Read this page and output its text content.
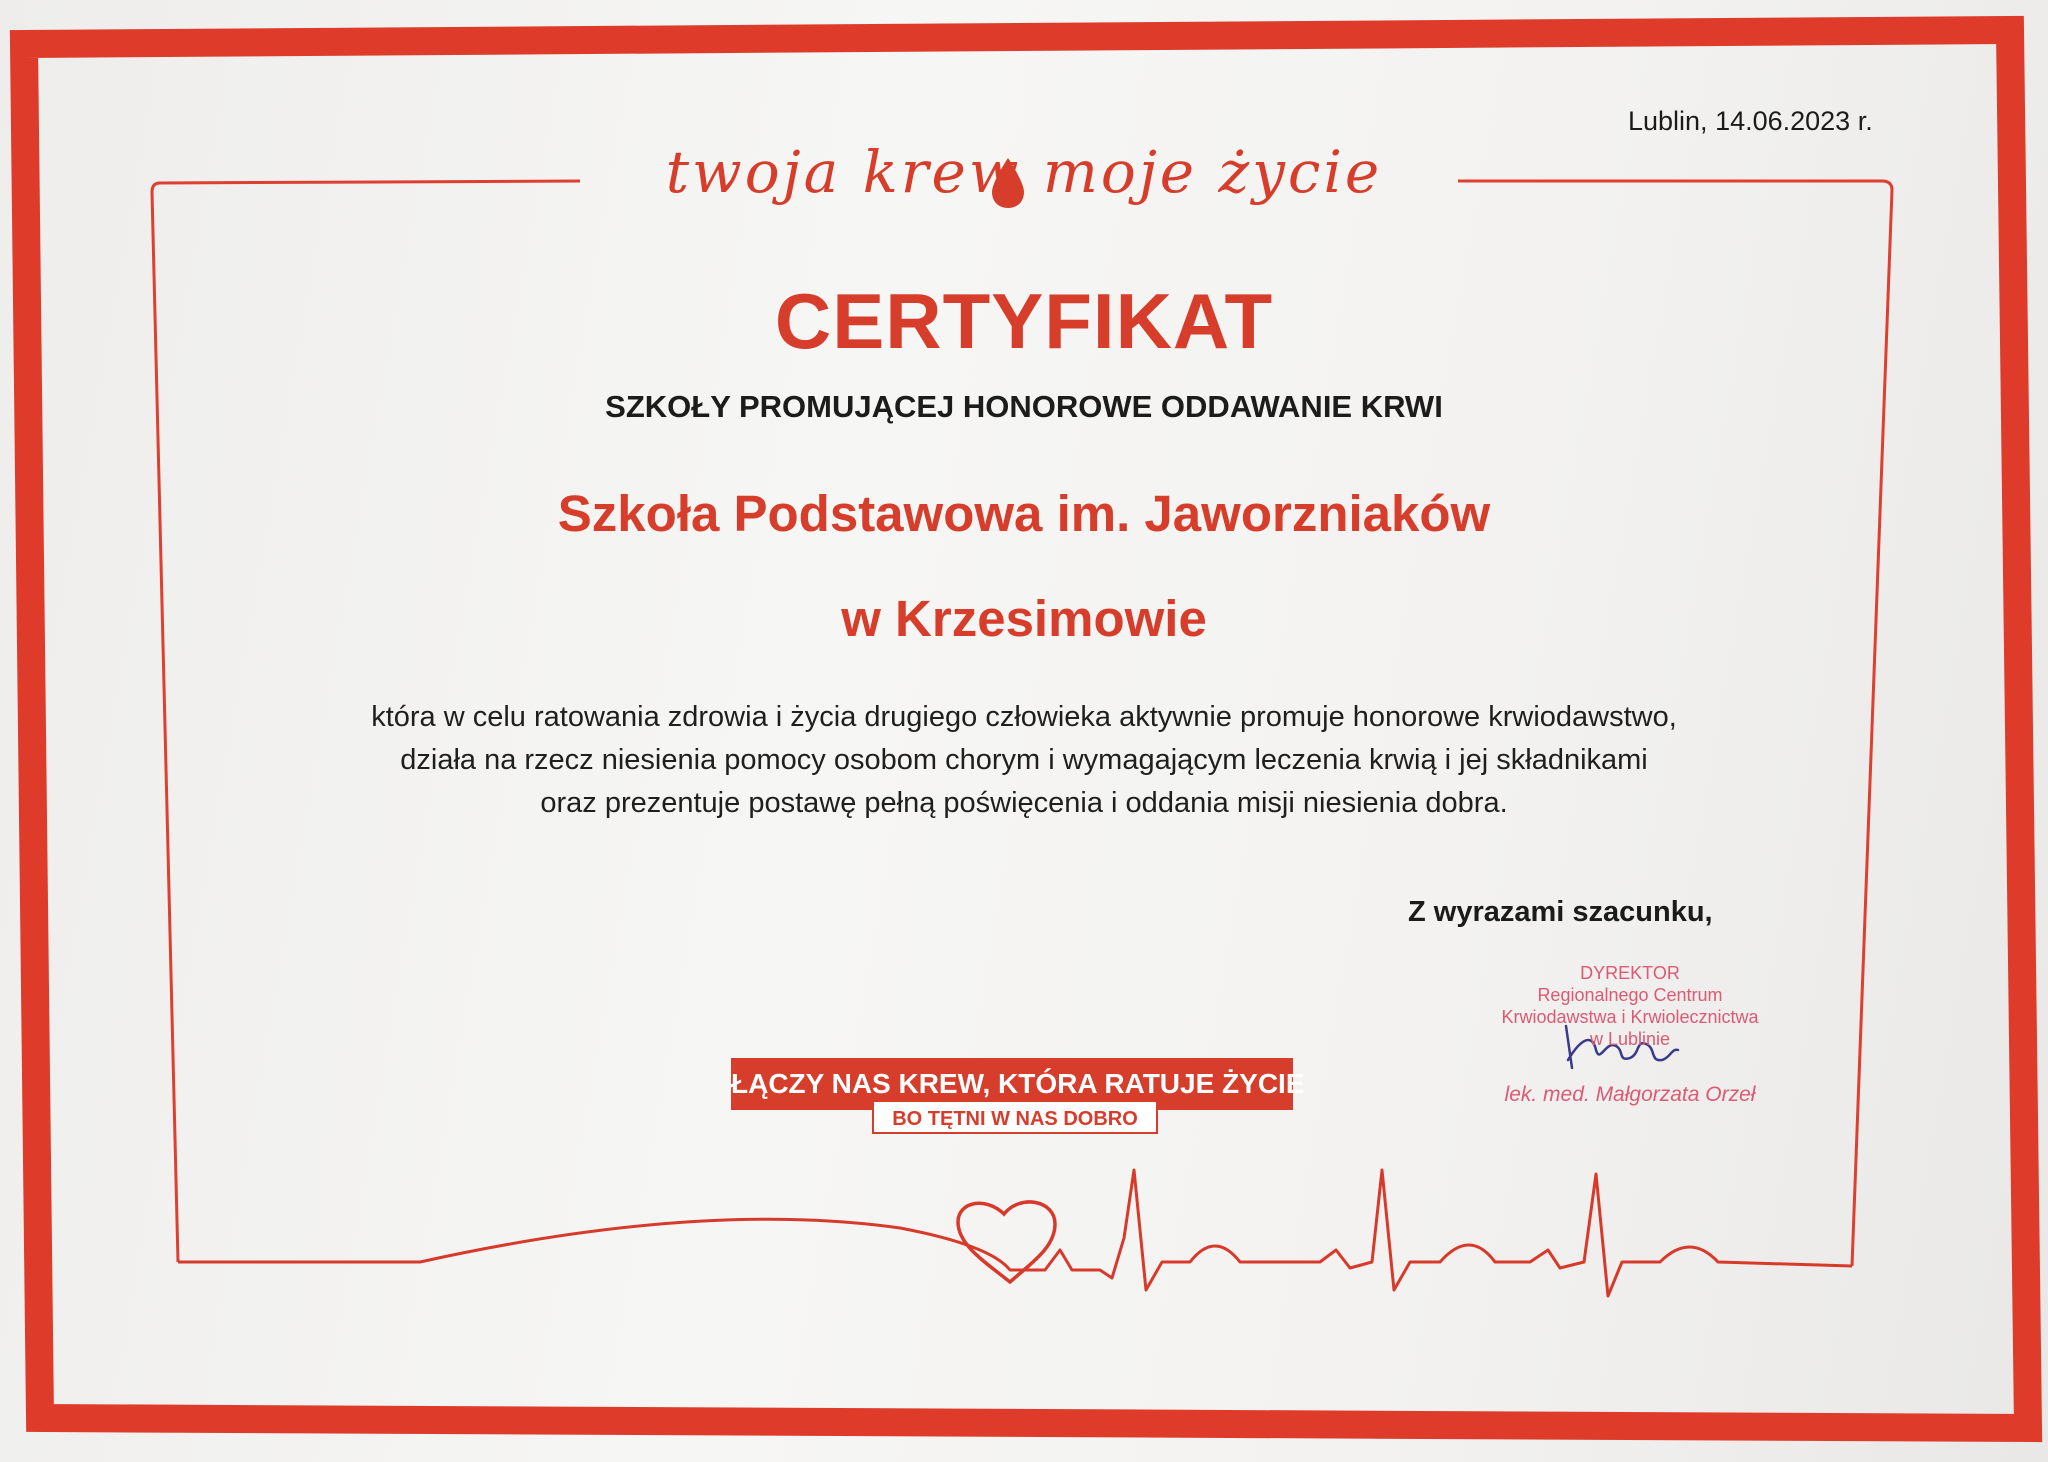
Lublin, 14.06.2023 r.
twoja krew moje życie
CERTYFIKAT
SZKOŁY PROMUJĄCEJ HONOROWE ODDAWANIE KRWI
Szkoła Podstawowa im. Jaworzniaków
w Krzesimowie
która w celu ratowania zdrowia i życia drugiego człowieka aktywnie promuje honorowe krwiodawstwo,
działa na rzecz niesienia pomocy osobom chorym i wymagającym leczenia krwią i jej składnikami
oraz prezentuje postawę pełną poświęcenia i oddania misji niesienia dobra.
Z wyrazami szacunku,
DYREKTOR
Regionalnego Centrum
Krwiodawstwa i Krwiolecznictwa
w Lublinie
lek. med. Małgorzata Orzeł
ŁĄCZY NAS KREW, KTÓRA RATUJE ŻYCIE
BO TĘTNI W NAS DOBRO
